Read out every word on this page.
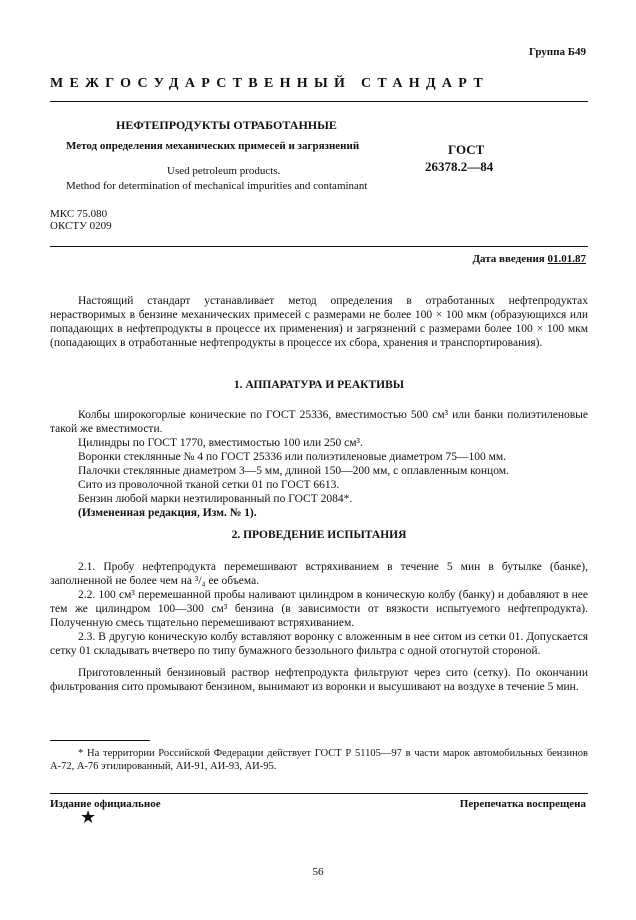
Группа Б49
МЕЖГОСУДАРСТВЕННЫЙ СТАНДАРТ
НЕФТЕПРОДУКТЫ ОТРАБОТАННЫЕ
Метод определения механических примесей и загрязнений
Used petroleum products.
Method for determination of mechanical impurities and contaminant
ГОСТ
26378.2—84
МКС 75.080
ОКСТУ 0209
Дата введения 01.01.87

Настоящий стандарт устанавливает метод определения в отработанных нефтепродуктах нерастворимых в бензине механических примесей с размерами не более 100 × 100 мкм (образующихся или попадающих в нефтепродукты в процессе их применения) и загрязнений с размерами более 100 × 100 мкм (попадающих в отработанные нефтепродукты в процессе их сбора, хранения и транспортирования).

1. АППАРАТУРА И РЕАКТИВЫ

Колбы широкогорлые конические по ГОСТ 25336, вместимостью 500 см³ или банки полиэтиленовые такой же вместимости.

Цилиндры по ГОСТ 1770, вместимостью 100 или 250 см³.

Воронки стеклянные № 4 по ГОСТ 25336 или полиэтиленовые диаметром 75—100 мм.

Палочки стеклянные диаметром 3—5 мм, длиной 150—200 мм, с оплавленным концом.

Сито из проволочной тканой сетки 01 по ГОСТ 6613.

Бензин любой марки неэтилированный по ГОСТ 2084*.

(Измененная редакция, Изм. № 1).

2. ПРОВЕДЕНИЕ ИСПЫТАНИЯ

2.1. Пробу нефтепродукта перемешивают встряхиванием в течение 5 мин в бутылке (банке), заполненной не более чем на ³/₄ ее объема.

2.2. 100 см³ перемешанной пробы наливают цилиндром в коническую колбу (банку) и добавляют в нее тем же цилиндром 100—300 см³ бензина (в зависимости от вязкости испытуемого нефтепродукта). Полученную смесь тщательно перемешивают встряхиванием.

2.3. В другую коническую колбу вставляют воронку с вложенным в нее ситом из сетки 01. Допускается сетку 01 складывать вчетверо по типу бумажного беззольного фильтра с одной отогнутой стороной.

Приготовленный бензиновый раствор нефтепродукта фильтруют через сито (сетку). По окончании фильтрования сито промывают бензином, вынимают из воронки и высушивают на воздухе в течение 5 мин.

* На территории Российской Федерации действует ГОСТ Р 51105—97 в части марок автомобильных бензинов А-72, А-76 этилированный, АИ-91, АИ-93, АИ-95.

Издание официальное	Перепечатка воспрещена
★
56
